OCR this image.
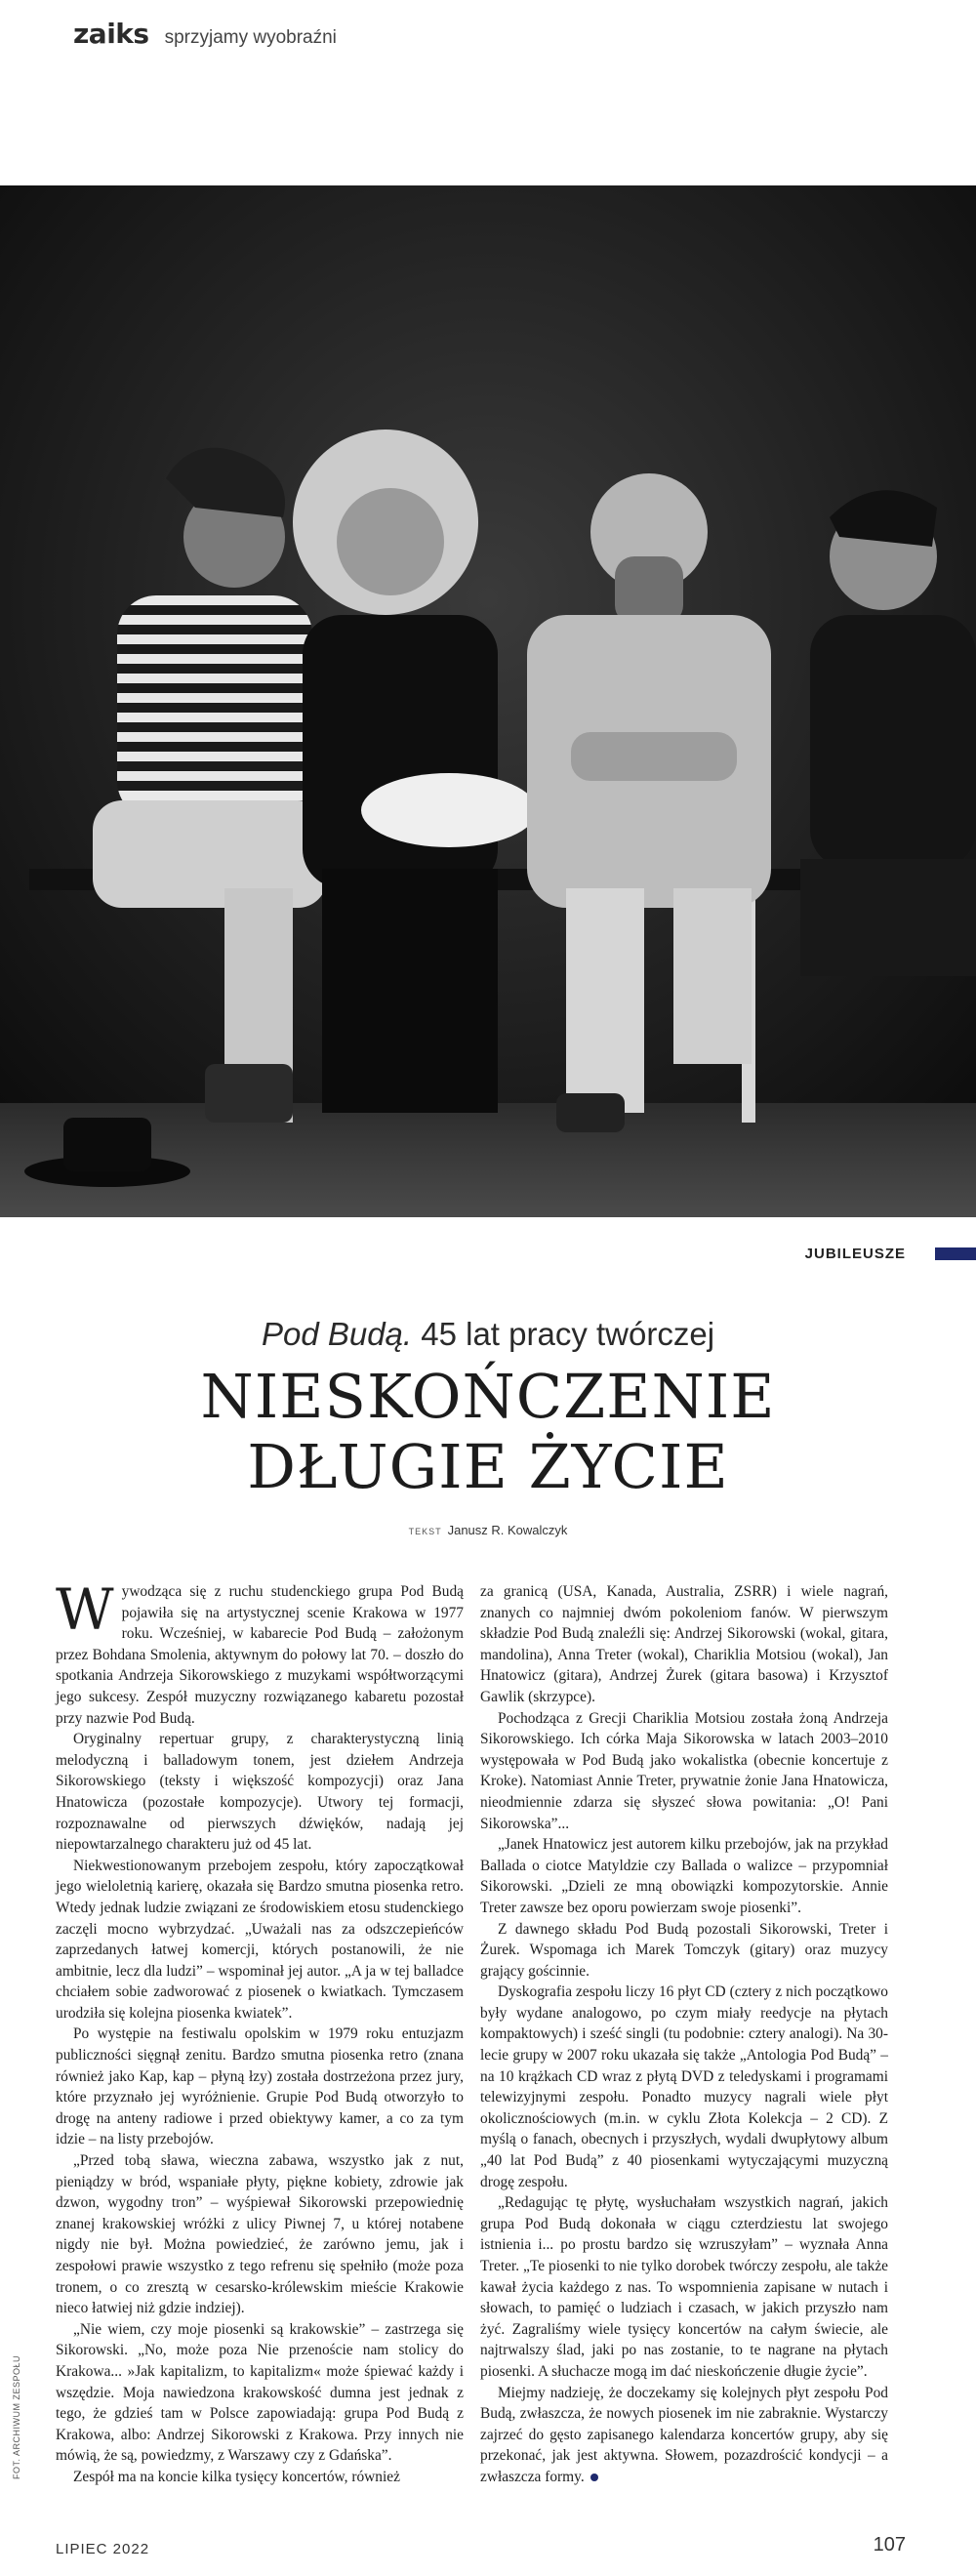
zaiks sprzyjamy wyobraźni
JUBILEUSZE
Pod Budą. 45 lat pracy twórczej
NIESKOŃCZENIE
DŁUGIE ŻYCIE
TEKST Janusz R. Kowalczyk

Wywodząca się z ruchu studenckiego grupa Pod Budą pojawiła się na artystycznej scenie Krakowa w 1977 roku. Wcześniej, w kabarecie Pod Budą – założonym przez Bohdana Smolenia, aktywnym do połowy lat 70. – doszło do spotkania Andrzeja Sikorowskiego z muzykami współtworzącymi jego sukcesy. Zespół muzyczny rozwiązanego kabaretu pozostał przy nazwie Pod Budą.

Oryginalny repertuar grupy, z charakterystyczną linią melodyczną i balladowym tonem, jest dziełem Andrzeja Sikorowskiego (teksty i większość kompozycji) oraz Jana Hnatowicza (pozostałe kompozycje). Utwory tej formacji, rozpoznawalne od pierwszych dźwięków, nadają jej niepowtarzalnego charakteru już od 45 lat.

Niekwestionowanym przebojem zespołu, który zapoczątkował jego wieloletnią karierę, okazała się Bardzo smutna piosenka retro. Wtedy jednak ludzie związani ze środowiskiem etosu studenckiego zaczęli mocno wybrzydzać. „Uważali nas za odszczepieńców zaprzedanych łatwej komercji, których postanowili, że nie ambitnie, lecz dla ludzi” – wspominał jej autor. „A ja w tej balladce chciałem sobie zadworować z piosenek o kwiatkach. Tymczasem urodziła się kolejna piosenka kwiatek”.

Po występie na festiwalu opolskim w 1979 roku entuzjazm publiczności sięgnął zenitu. Bardzo smutna piosenka retro (znana również jako Kap, kap – płyną łzy) została dostrzeżona przez jury, które przyznało jej wyróżnienie. Grupie Pod Budą otworzyło to drogę na anteny radiowe i przed obiektywy kamer, a co za tym idzie – na listy przebojów.

„Przed tobą sława, wieczna zabawa, wszystko jak z nut, pieniądzy w bród, wspaniałe płyty, piękne kobiety, zdrowie jak dzwon, wygodny tron” – wyśpiewał Sikorowski przepowiednię znanej krakowskiej wróżki z ulicy Piwnej 7, u której notabene nigdy nie był. Można powiedzieć, że zarówno jemu, jak i zespołowi prawie wszystko z tego refrenu się spełniło (może poza tronem, o co zresztą w cesarsko-królewskim mieście Krakowie nieco łatwiej niż gdzie indziej).

„Nie wiem, czy moje piosenki są krakowskie” – zastrzega się Sikorowski. „No, może poza Nie przenoście nam stolicy do Krakowa... »Jak kapitalizm, to kapitalizm« może śpiewać każdy i wszędzie. Moja nawiedzona krakowskość dumna jest jednak z tego, że gdzieś tam w Polsce zapowiadają: grupa Pod Budą z Krakowa, albo: Andrzej Sikorowski z Krakowa. Przy innych nie mówią, że są, powiedzmy, z Warszawy czy z Gdańska”.

Zespół ma na koncie kilka tysięcy koncertów, również

za granicą (USA, Kanada, Australia, ZSRR) i wiele nagrań, znanych co najmniej dwóm pokoleniom fanów. W pierwszym składzie Pod Budą znaleźli się: Andrzej Sikorowski (wokal, gitara, mandolina), Anna Treter (wokal), Chariklia Motsiou (wokal), Jan Hnatowicz (gitara), Andrzej Żurek (gitara basowa) i Krzysztof Gawlik (skrzypce).

Pochodząca z Grecji Chariklia Motsiou została żoną Andrzeja Sikorowskiego. Ich córka Maja Sikorowska w latach 2003–2010 występowała w Pod Budą jako wokalistka (obecnie koncertuje z Kroke). Natomiast Annie Treter, prywatnie żonie Jana Hnatowicza, nieodmiennie zdarza się słyszeć słowa powitania: „O! Pani Sikorowska”...

„Janek Hnatowicz jest autorem kilku przebojów, jak na przykład Ballada o ciotce Matyldzie czy Ballada o walizce – przypomniał Sikorowski. „Dzieli ze mną obowiązki kompozytorskie. Annie Treter zawsze bez oporu powierzam swoje piosenki”.

Z dawnego składu Pod Budą pozostali Sikorowski, Treter i Żurek. Wspomaga ich Marek Tomczyk (gitary) oraz muzycy grający gościnnie.

Dyskografia zespołu liczy 16 płyt CD (cztery z nich początkowo były wydane analogowo, po czym miały reedycje na płytach kompaktowych) i sześć singli (tu podobnie: cztery analogi). Na 30-lecie grupy w 2007 roku ukazała się także „Antologia Pod Budą” – na 10 krążkach CD wraz z płytą DVD z teledyskami i programami telewizyjnymi zespołu. Ponadto muzycy nagrali wiele płyt okolicznościowych (m.in. w cyklu Złota Kolekcja – 2 CD). Z myślą o fanach, obecnych i przyszłych, wydali dwupłytowy album „40 lat Pod Budą” z 40 piosenkami wytyczającymi muzyczną drogę zespołu.

„Redagując tę płytę, wysłuchałam wszystkich nagrań, jakich grupa Pod Budą dokonała w ciągu czterdziestu lat swojego istnienia i... po prostu bardzo się wzruszyłam” – wyznała Anna Treter. „Te piosenki to nie tylko dorobek twórczy zespołu, ale także kawał życia każdego z nas. To wspomnienia zapisane w nutach i słowach, to pamięć o ludziach i czasach, w jakich przyszło nam żyć. Zagraliśmy wiele tysięcy koncertów na całym świecie, ale najtrwalszy ślad, jaki po nas zostanie, to te nagrane na płytach piosenki. A słuchacze mogą im dać nieskończenie długie życie”.

Miejmy nadzieję, że doczekamy się kolejnych płyt zespołu Pod Budą, zwłaszcza, że nowych piosenek im nie zabraknie. Wystarczy zajrzeć do gęsto zapisanego kalendarza koncertów grupy, aby się przekonać, jak jest aktywna. Słowem, pozazdrościć kondycji – a zwłaszcza formy.

FOT. ARCHIWUM ZESPOŁU
LIPIEC 2022	107
